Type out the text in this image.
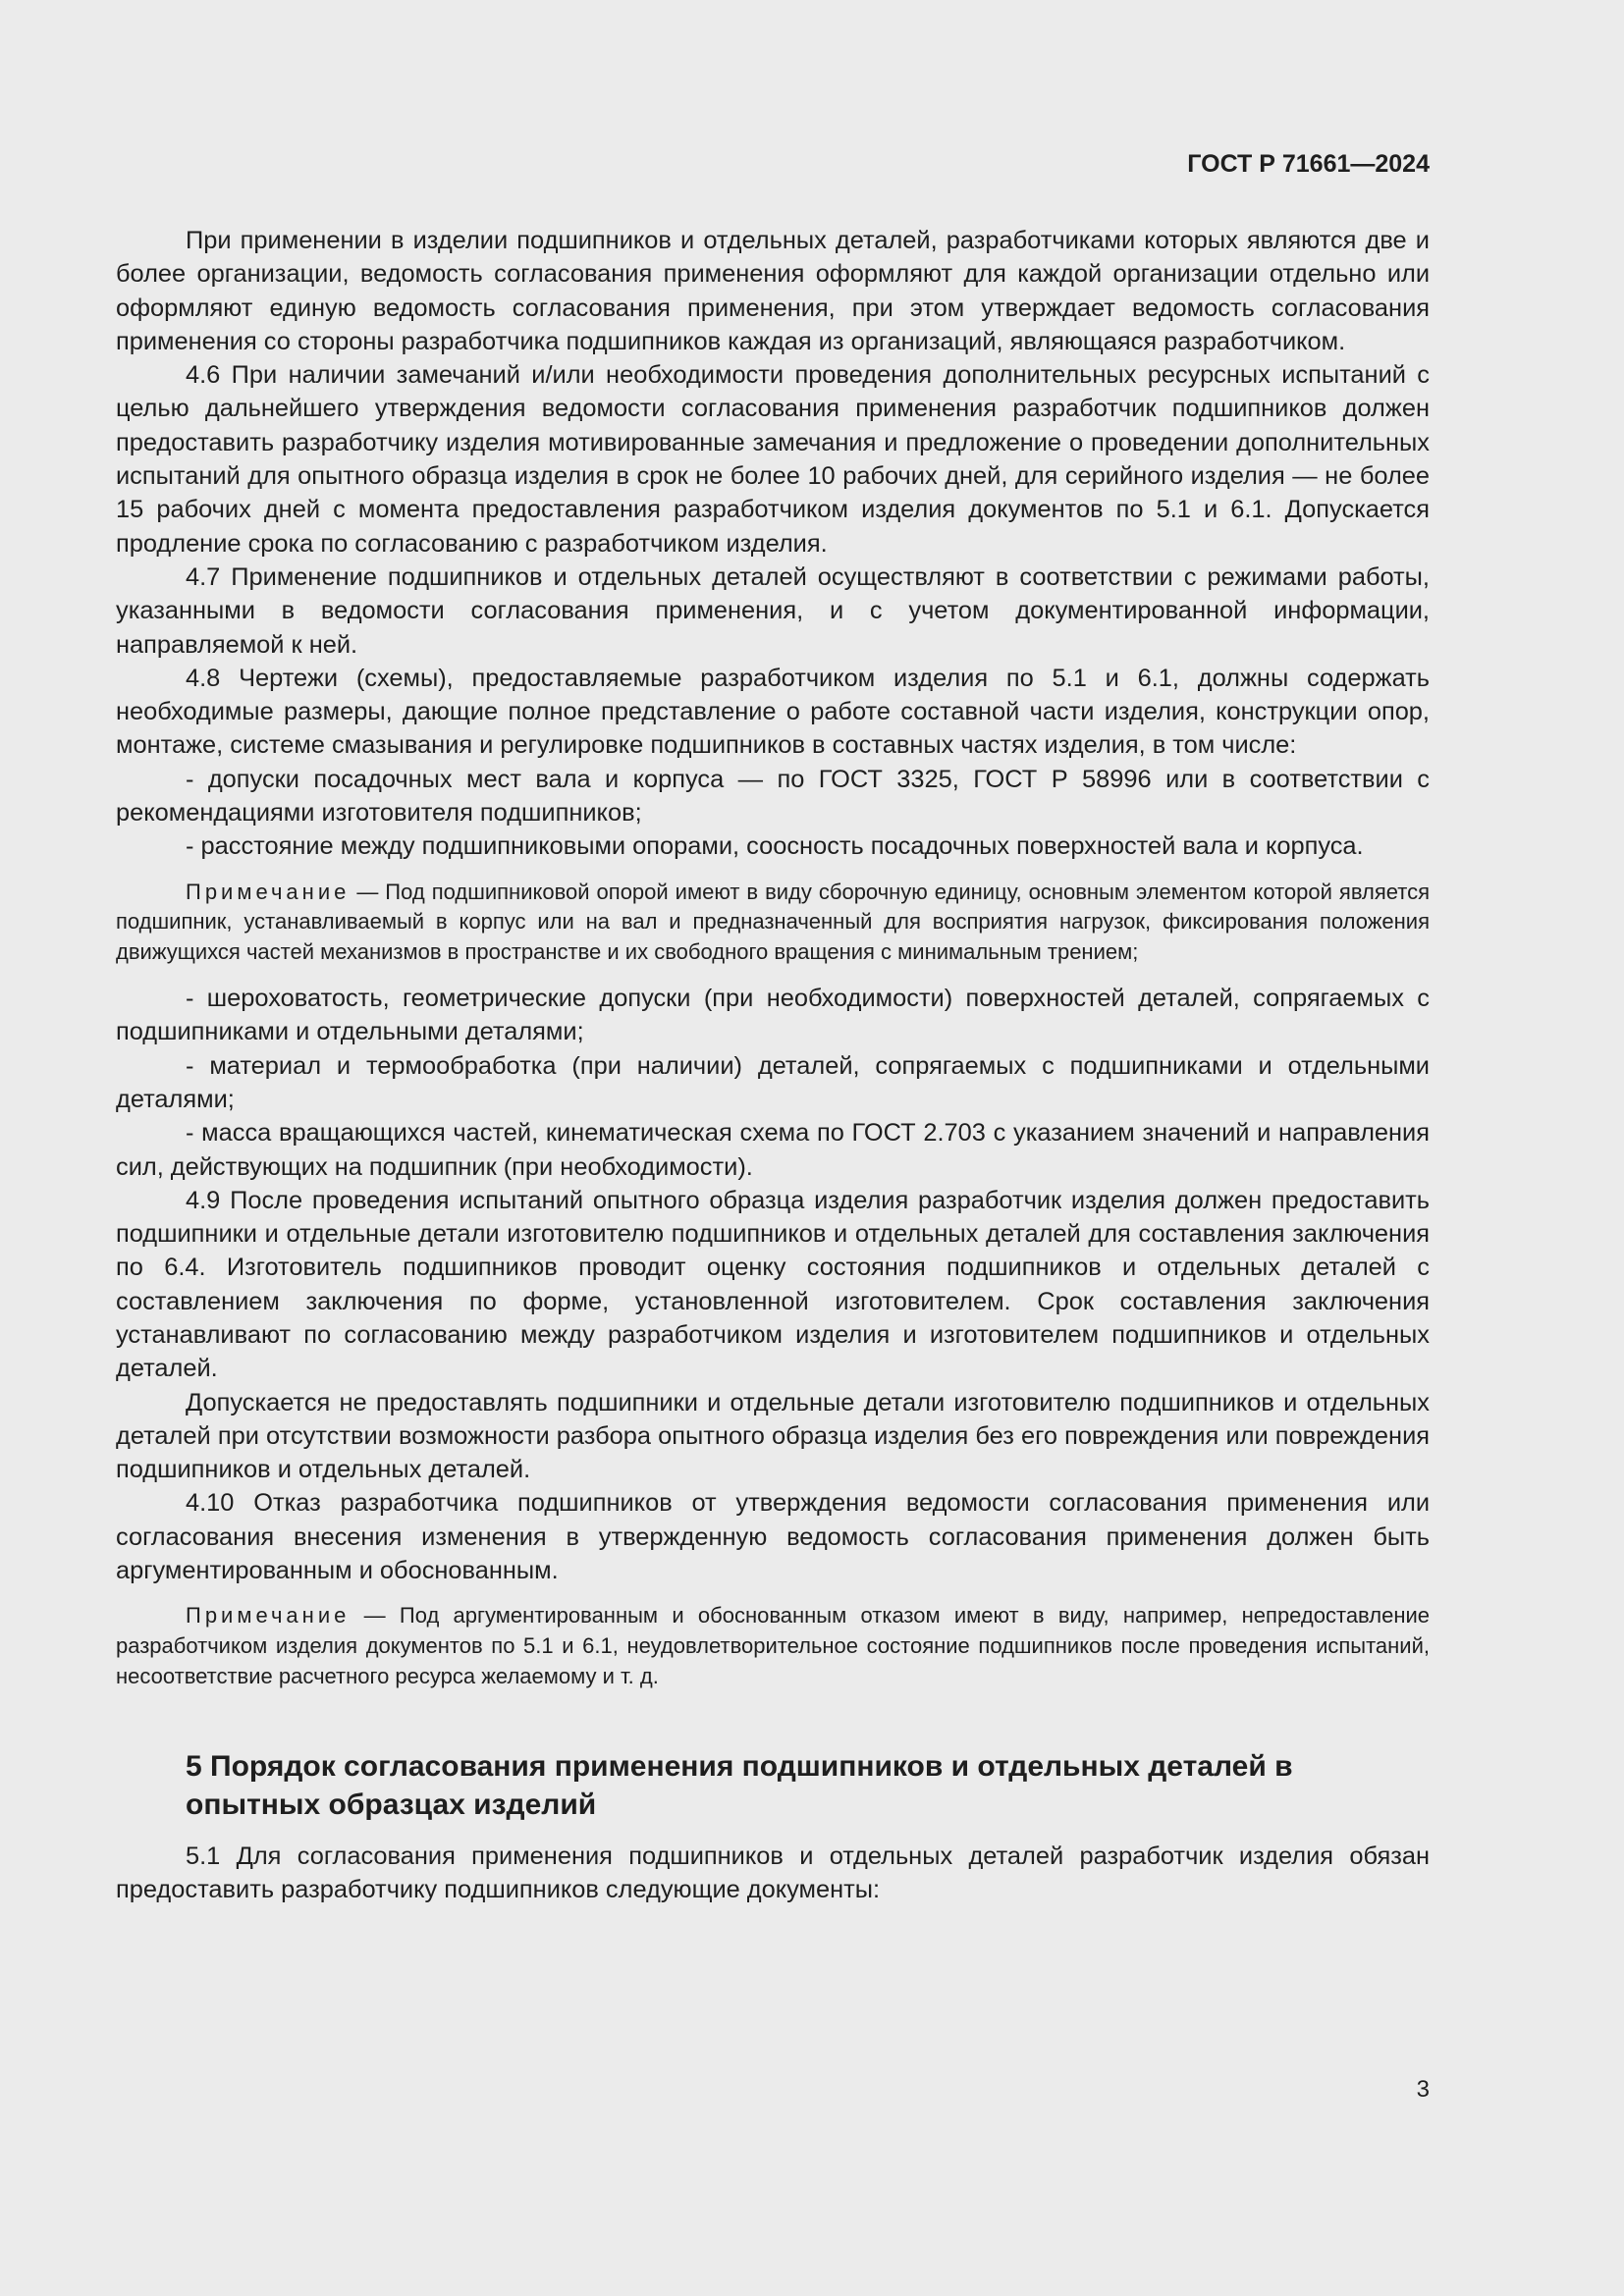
ГОСТ Р 71661—2024

При применении в изделии подшипников и отдельных деталей, разработчиками которых являются две и более организации, ведомость согласования применения оформляют для каждой организации отдельно или оформляют единую ведомость согласования применения, при этом утверждает ведомость согласования применения со стороны разработчика подшипников каждая из организаций, являющаяся разработчиком.

4.6 При наличии замечаний и/или необходимости проведения дополнительных ресурсных испытаний с целью дальнейшего утверждения ведомости согласования применения разработчик подшипников должен предоставить разработчику изделия мотивированные замечания и предложение о проведении дополнительных испытаний для опытного образца изделия в срок не более 10 рабочих дней, для серийного изделия — не более 15 рабочих дней с момента предоставления разработчиком изделия документов по 5.1 и 6.1. Допускается продление срока по согласованию с разработчиком изделия.

4.7 Применение подшипников и отдельных деталей осуществляют в соответствии с режимами работы, указанными в ведомости согласования применения, и с учетом документированной информации, направляемой к ней.

4.8 Чертежи (схемы), предоставляемые разработчиком изделия по 5.1 и 6.1, должны содержать необходимые размеры, дающие полное представление о работе составной части изделия, конструкции опор, монтаже, системе смазывания и регулировке подшипников в составных частях изделия, в том числе:

- допуски посадочных мест вала и корпуса — по ГОСТ 3325, ГОСТ Р 58996 или в соответствии с рекомендациями изготовителя подшипников;

- расстояние между подшипниковыми опорами, соосность посадочных поверхностей вала и корпуса.

Примечание — Под подшипниковой опорой имеют в виду сборочную единицу, основным элементом которой является подшипник, устанавливаемый в корпус или на вал и предназначенный для восприятия нагрузок, фиксирования положения движущихся частей механизмов в пространстве и их свободного вращения с минимальным трением;

- шероховатость, геометрические допуски (при необходимости) поверхностей деталей, сопрягаемых с подшипниками и отдельными деталями;

- материал и термообработка (при наличии) деталей, сопрягаемых с подшипниками и отдельными деталями;

- масса вращающихся частей, кинематическая схема по ГОСТ 2.703 с указанием значений и направления сил, действующих на подшипник (при необходимости).

4.9 После проведения испытаний опытного образца изделия разработчик изделия должен предоставить подшипники и отдельные детали изготовителю подшипников и отдельных деталей для составления заключения по 6.4. Изготовитель подшипников проводит оценку состояния подшипников и отдельных деталей с составлением заключения по форме, установленной изготовителем. Срок составления заключения устанавливают по согласованию между разработчиком изделия и изготовителем подшипников и отдельных деталей.

Допускается не предоставлять подшипники и отдельные детали изготовителю подшипников и отдельных деталей при отсутствии возможности разбора опытного образца изделия без его повреждения или повреждения подшипников и отдельных деталей.

4.10 Отказ разработчика подшипников от утверждения ведомости согласования применения или согласования внесения изменения в утвержденную ведомость согласования применения должен быть аргументированным и обоснованным.

Примечание — Под аргументированным и обоснованным отказом имеют в виду, например, непредоставление разработчиком изделия документов по 5.1 и 6.1, неудовлетворительное состояние подшипников после проведения испытаний, несоответствие расчетного ресурса желаемому и т. д.

5 Порядок согласования применения подшипников и отдельных деталей в опытных образцах изделий

5.1 Для согласования применения подшипников и отдельных деталей разработчик изделия обязан предоставить разработчику подшипников следующие документы:

3
